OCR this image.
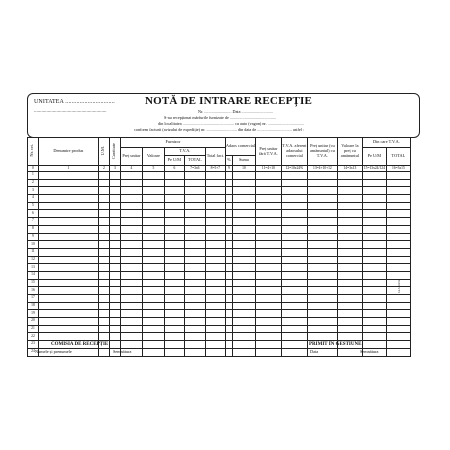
UNITATEA ...............................
..........................................................
NOTĂ DE INTRARE RECEPȚIE
Nr. .......................... Data ..............................
S-au recepționat mărfurile furnizate de ............................................
din localitatea ................................................. cu auto (vagon) nr. ...................................
conform facturii (avizului de expediție) nr. ............................. din data de ................................. astfel :
Nr. crt.	Denumire produs	U.M.	Cantitate	Furnizor					Adaos comercial		Preț unitar fără T.V.A.	T.V.A. aferent adaosului comercial	Preț unitar (cu amănuntul) cu T.V.A.	Valoare la preț cu amănuntul	Din care T.V.A.	
				Preț unitar	Valoare	T.V.A.		Total fact.							Pe U/M	TOTAL
						Pe U/M	TOTAL		%	Suma						
0	1	2	3	4	5	6	7=3x6	8=5+7	9	10	11=4+10	12=10x24%	13=4+10+12	14=3x13	15=13x24/124	16=3x15
1																
2																
3																
4																
5																
6																
7																
8																
9																
10																
11																
12																
13																
14																
15																
16																
17																
18																
19																
20																
21																
22																
23																
24																
COMISIA DE RECEPȚIE
Numele și prenumele	Semnătura
PRIMIT ÎN GESTIUNE
Data	Semnătura
14-3-1A/A
